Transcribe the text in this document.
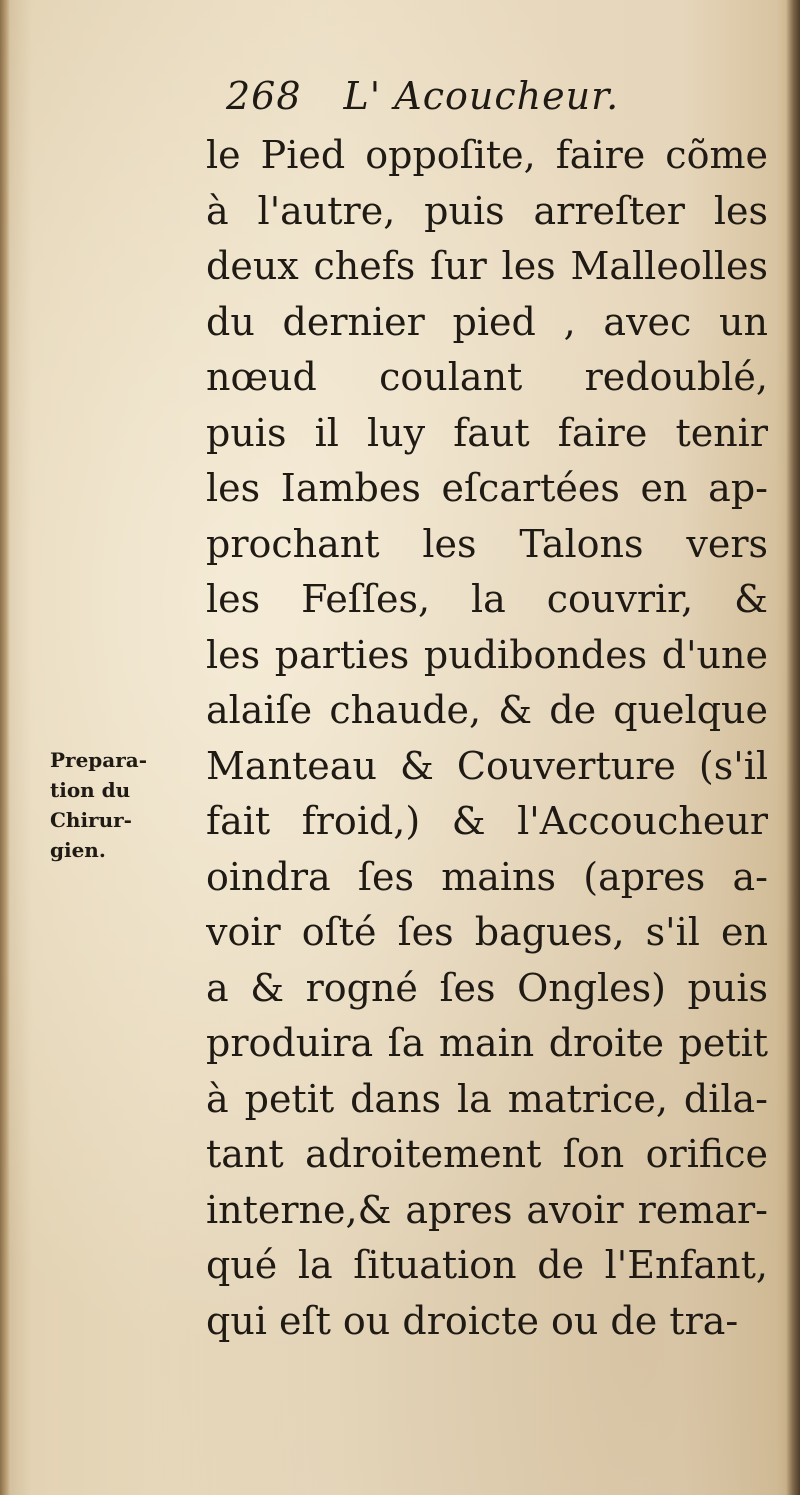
268 L' Acoucheur.
le Pied oppoſite, faire cõme
à l'autre, puis arreſter les
deux chefs ſur les Malleolles
du dernier pied , avec un
nœud coulant redoublé,
puis il luy faut faire tenir
les Iambes eſcartées en ap-
prochant les Talons vers
les Feſſes, la couvrir, &
les parties pudibondes d'une
alaiſe chaude, & de quelque
Manteau & Couverture (s'il
fait froid,) & l'Accoucheur
oindra ſes mains (apres a-
voir oſté ſes bagues, s'il en
a & rogné ſes Ongles) puis
produira ſa main droite petit
à petit dans la matrice, dila-
tant adroitement ſon orifice
interne,& apres avoir remar-
qué la ſituation de l'Enfant,
qui eſt ou droicte ou de tra-
Prepara-
tion du
Chirur-
gien.
